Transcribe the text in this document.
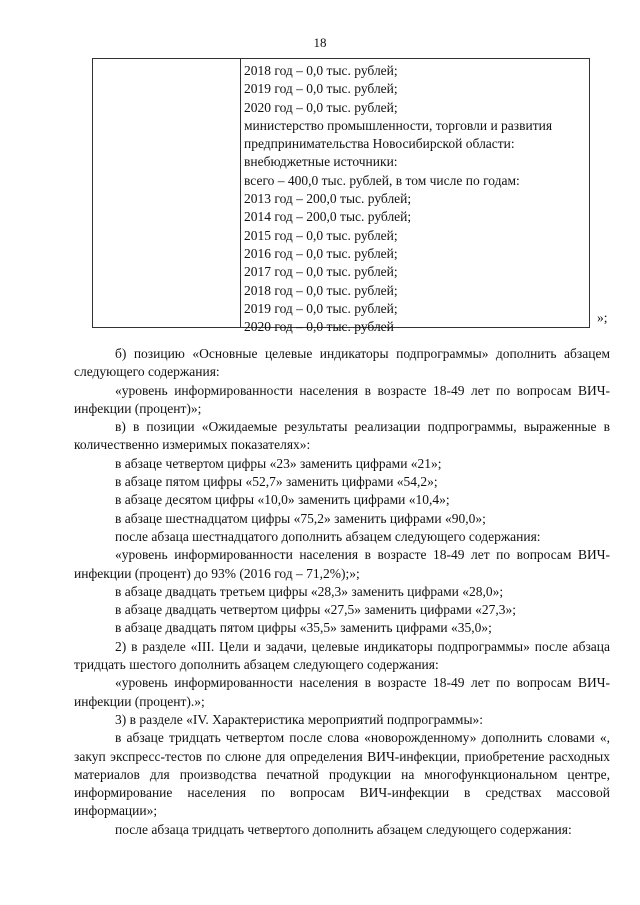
18
2018 год – 0,0 тыс. рублей;
2019 год – 0,0 тыс. рублей;
2020 год – 0,0 тыс. рублей;
министерство промышленности, торговли и развития предпринимательства Новосибирской области:
внебюджетные источники:
всего – 400,0 тыс. рублей, в том числе по годам:
2013 год – 200,0 тыс. рублей;
2014 год – 200,0 тыс. рублей;
2015 год – 0,0 тыс. рублей;
2016 год – 0,0 тыс. рублей;
2017 год – 0,0 тыс. рублей;
2018 год – 0,0 тыс. рублей;
2019 год – 0,0 тыс. рублей;
2020 год – 0,0 тыс. рублей
»;

б) позицию «Основные целевые индикаторы подпрограммы» дополнить абзацем следующего содержания:

«уровень информированности населения в возрасте 18-49 лет по вопросам ВИЧ-инфекции (процент)»;

в) в позиции «Ожидаемые результаты реализации подпрограммы, выраженные в количественно измеримых показателях»:

в абзаце четвертом цифры «23» заменить цифрами «21»;

в абзаце пятом цифры «52,7» заменить цифрами «54,2»;

в абзаце десятом цифры «10,0» заменить цифрами «10,4»;

в абзаце шестнадцатом цифры «75,2» заменить цифрами «90,0»;

после абзаца шестнадцатого дополнить абзацем следующего содержания:

«уровень информированности населения в возрасте 18-49 лет по вопросам ВИЧ-инфекции (процент) до 93% (2016 год – 71,2%);»;

в абзаце двадцать третьем цифры «28,3» заменить цифрами «28,0»;

в абзаце двадцать четвертом цифры «27,5» заменить цифрами «27,3»;

в абзаце двадцать пятом цифры «35,5» заменить цифрами «35,0»;

2) в разделе «III. Цели и задачи, целевые индикаторы подпрограммы» после абзаца тридцать шестого дополнить абзацем следующего содержания:

«уровень информированности населения в возрасте 18-49 лет по вопросам ВИЧ-инфекции (процент).»;

3) в разделе «IV. Характеристика мероприятий подпрограммы»:

в абзаце тридцать четвертом после слова «новорожденному» дополнить словами «, закуп экспресс-тестов по слюне для определения ВИЧ-инфекции, приобретение расходных материалов для производства печатной продукции на многофункциональном центре, информирование населения по вопросам ВИЧ-инфекции в средствах массовой информации»;

после абзаца тридцать четвертого дополнить абзацем следующего содержания:
